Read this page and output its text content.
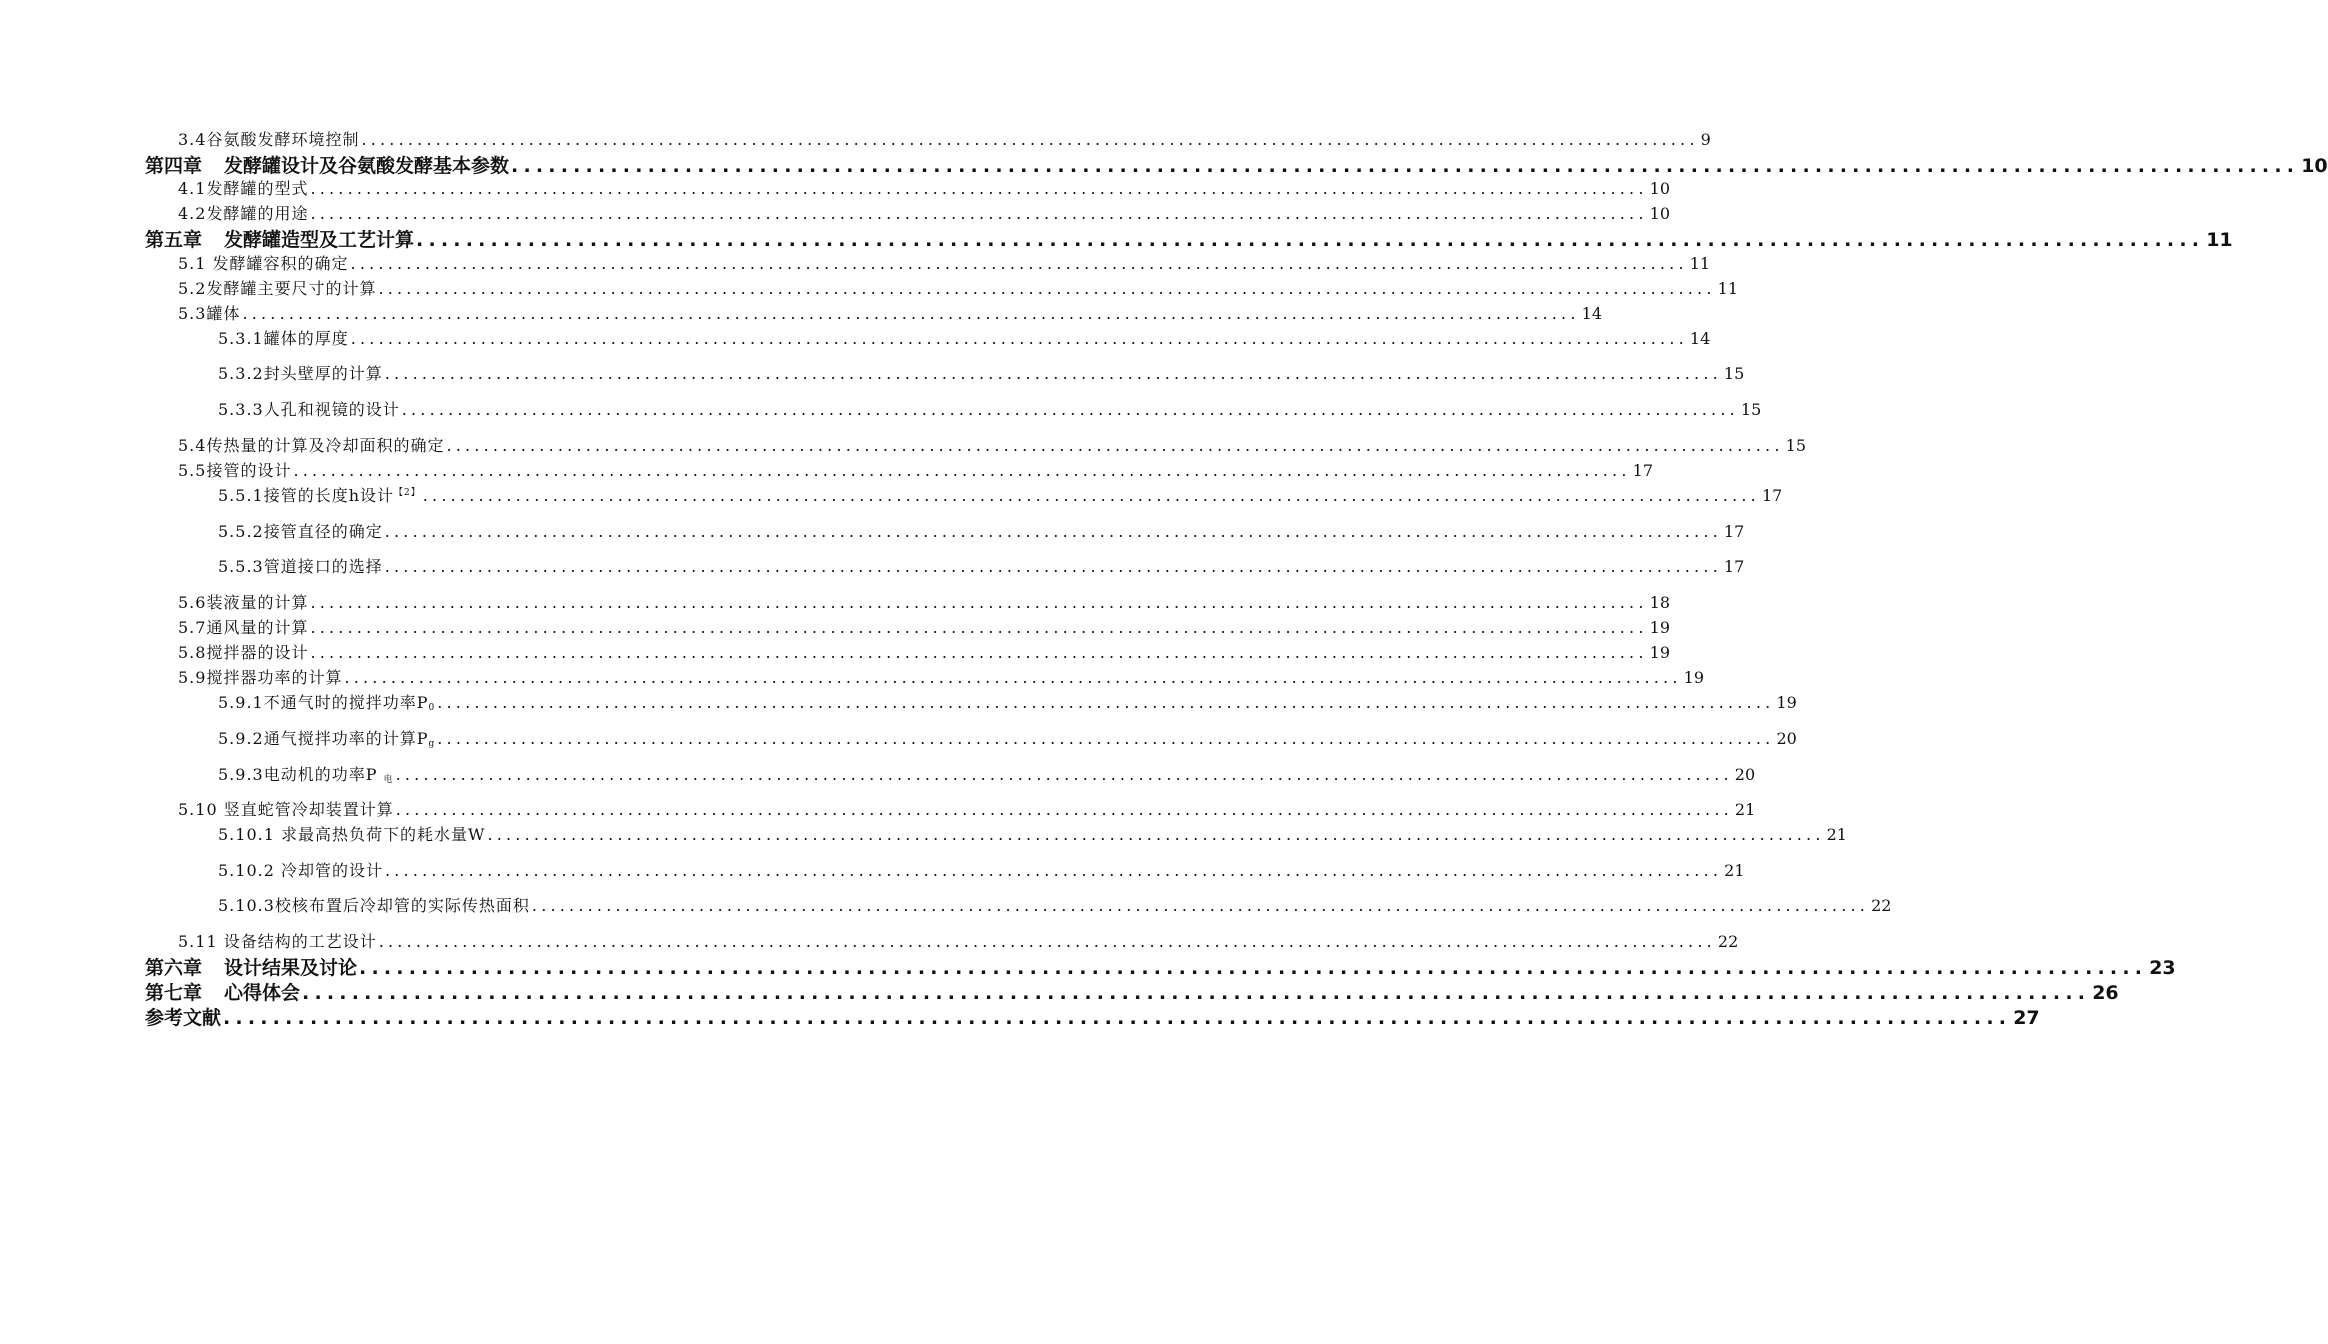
3.4谷氨酸发酵环境控制 ................................................................................................................................................ 9
第四章 发酵罐设计及谷氨酸发酵基本参数 ................................................................................................................................................ 10
4.1发酵罐的型式 ................................................................................................................................................ 10
4.2发酵罐的用途 ................................................................................................................................................ 10
第五章 发酵罐造型及工艺计算 ................................................................................................................................................ 11
5.1 发酵罐容积的确定 ................................................................................................................................................ 11
5.2发酵罐主要尺寸的计算 ................................................................................................................................................ 11
5.3罐体 ................................................................................................................................................ 14
5.3.1罐体的厚度 ................................................................................................................................................ 14
5.3.2封头壁厚的计算 ................................................................................................................................................ 15
5.3.3人孔和视镜的设计 ................................................................................................................................................ 15
5.4传热量的计算及冷却面积的确定 ................................................................................................................................................ 15
5.5接管的设计 ................................................................................................................................................ 17
5.5.1接管的长度h设计$^{【2】}$ ................................................................................................................................................ 17
5.5.2接管直径的确定 ................................................................................................................................................ 17
5.5.3管道接口的选择 ................................................................................................................................................ 17
5.6装液量的计算 ................................................................................................................................................ 18
5.7通风量的计算 ................................................................................................................................................ 19
5.8搅拌器的设计 ................................................................................................................................................ 19
5.9搅拌器功率的计算 ................................................................................................................................................ 19
5.9.1不通气时的搅拌功率$P_0$ ................................................................................................................................................ 19
5.9.2通气搅拌功率的计算$P_g$ ................................................................................................................................................ 20
5.9.3电动机的功率P $_电$ ................................................................................................................................................ 20
5.10 竖直蛇管冷却装置计算 ................................................................................................................................................ 21
5.10.1 求最高热负荷下的耗水量W ................................................................................................................................................ 21
5.10.2 冷却管的设计 ................................................................................................................................................ 21
5.10.3校核布置后冷却管的实际传热面积 ................................................................................................................................................ 22
5.11 设备结构的工艺设计 ................................................................................................................................................ 22
第六章 设计结果及讨论 ................................................................................................................................................ 23
第七章 心得体会 ................................................................................................................................................ 26
参考文献 ................................................................................................................................................ 27
